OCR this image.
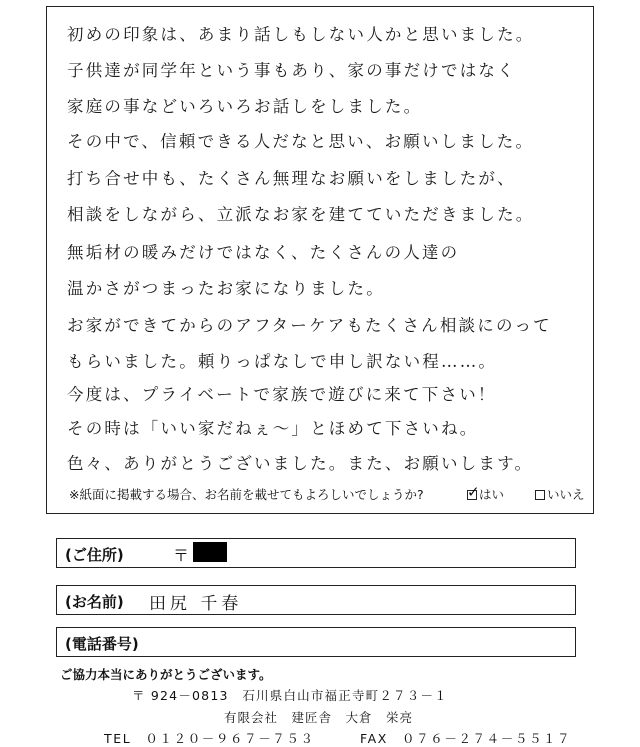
初めの印象は、あまり話しもしない人かと思いました。
子供達が同学年という事もあり、家の事だけではなく
家庭の事などいろいろお話しをしました。
その中で、信頼できる人だなと思い、お願いしました。
打ち合せ中も、たくさん無理なお願いをしましたが、
相談をしながら、立派なお家を建てていただきました。
無垢材の暖みだけではなく、たくさんの人達の
温かさがつまったお家になりました。
お家ができてからのアフターケアもたくさん相談にのって
もらいました。頼りっぱなしで申し訳ない程……。
今度は、プライベートで家族で遊びに来て下さい！
その時は「いい家だねぇ～」とほめて下さいね。
色々、ありがとうございました。また、お願いします。
※紙面に掲載する場合、お名前を載せてもよろしいでしょうか?	✓ はい	いいえ
(ご住所)	〒
(お名前) 田尻 千春
(電話番号)
ご協力本当にありがとうございます。
〒 924－0813　石川県白山市福正寺町２７３－１
有限会社　建匠舎　大倉　栄亮
TEL　０１２０－９６７－７５３	FAX　０７６－２７４－５５１７
